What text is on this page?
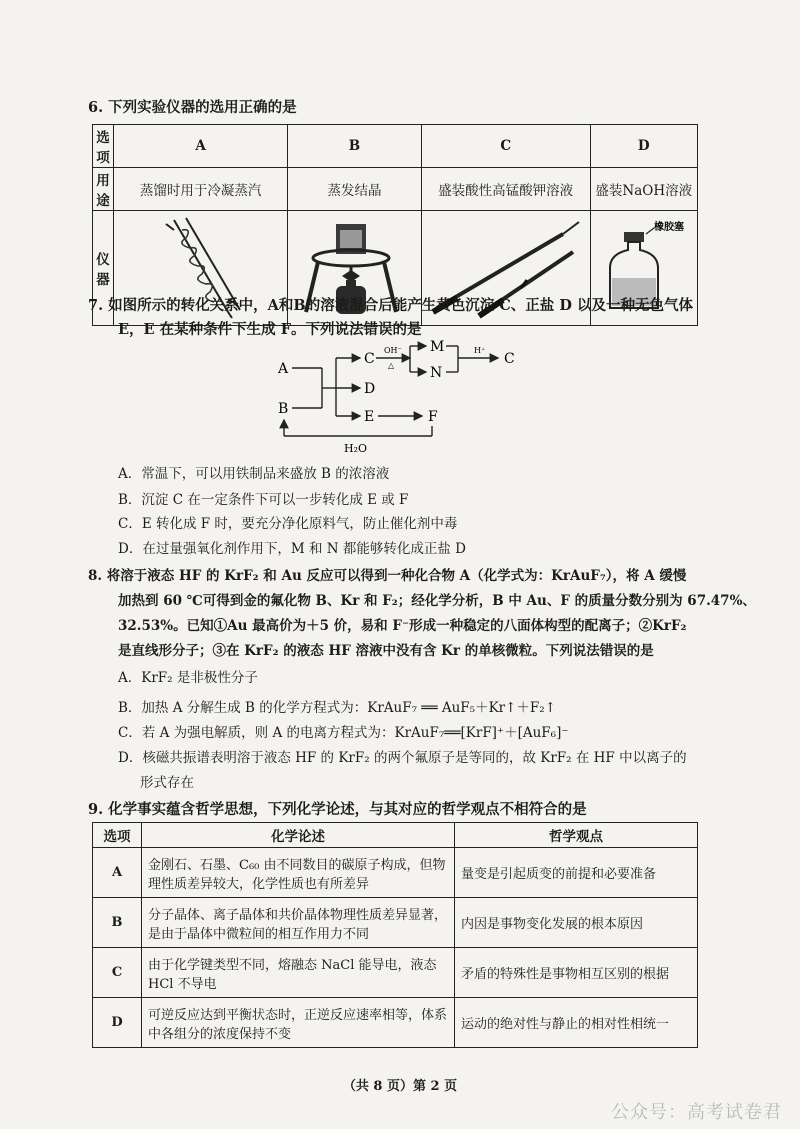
6. 下列实验仪器的选用正确的是
选项	A	B	C	D
用途	蒸馏时用于冷凝蒸汽	蒸发结晶	盛装酸性高锰酸钾溶液	盛装NaOH溶液
仪器				橡胶塞
7. 如图所示的转化关系中，A和B的溶液混合后能产生黄色沉淀 C、正盐 D 以及一种无色气体
E，E 在某种条件下生成 F。下列说法错误的是
A
B
C
D
E
OH⁻
△
M
N
H⁺
C
F
H₂O
A．常温下，可以用铁制品来盛放 B 的浓溶液
B．沉淀 C 在一定条件下可以一步转化成 E 或 F
C．E 转化成 F 时，要充分净化原料气，防止催化剂中毒
D．在过量强氧化剂作用下，M 和 N 都能够转化成正盐 D
8. 将溶于液态 HF 的 KrF₂ 和 Au 反应可以得到一种化合物 A（化学式为：KrAuF₇），将 A 缓慢
加热到 60 ℃可得到金的氟化物 B、Kr 和 F₂；经化学分析，B 中 Au、F 的质量分数分别为 67.47%、
32.53%。已知①Au 最高价为＋5 价，易和 F⁻形成一种稳定的八面体构型的配离子；②KrF₂
是直线形分子；③在 KrF₂ 的液态 HF 溶液中没有含 Kr 的单核微粒。下列说法错误的是
A．KrF₂ 是非极性分子
B．加热 A 分解生成 B 的化学方程式为：KrAuF₇ ══ AuF₅＋Kr↑＋F₂↑
C．若 A 为强电解质，则 A 的电离方程式为：KrAuF₇══[KrF]⁺＋[AuF₆]⁻
D．核磁共振谱表明溶于液态 HF 的 KrF₂ 的两个氟原子是等同的，故 KrF₂ 在 HF 中以离子的
形式存在
9. 化学事实蕴含哲学思想，下列化学论述，与其对应的哲学观点不相符合的是
选项	化学论述	哲学观点
A	金刚石、石墨、C₆₀ 由不同数目的碳原子构成，但物理性质差异较大，化学性质也有所差异	量变是引起质变的前提和必要准备
B	分子晶体、离子晶体和共价晶体物理性质差异显著，是由于晶体中微粒间的相互作用力不同	内因是事物变化发展的根本原因
C	由于化学键类型不同，熔融态 NaCl 能导电，液态 HCl 不导电	矛盾的特殊性是事物相互区别的根据
D	可逆反应达到平衡状态时，正逆反应速率相等，体系中各组分的浓度保持不变	运动的绝对性与静止的相对性相统一
（共 8 页）第 2 页
公众号：高考试卷君
